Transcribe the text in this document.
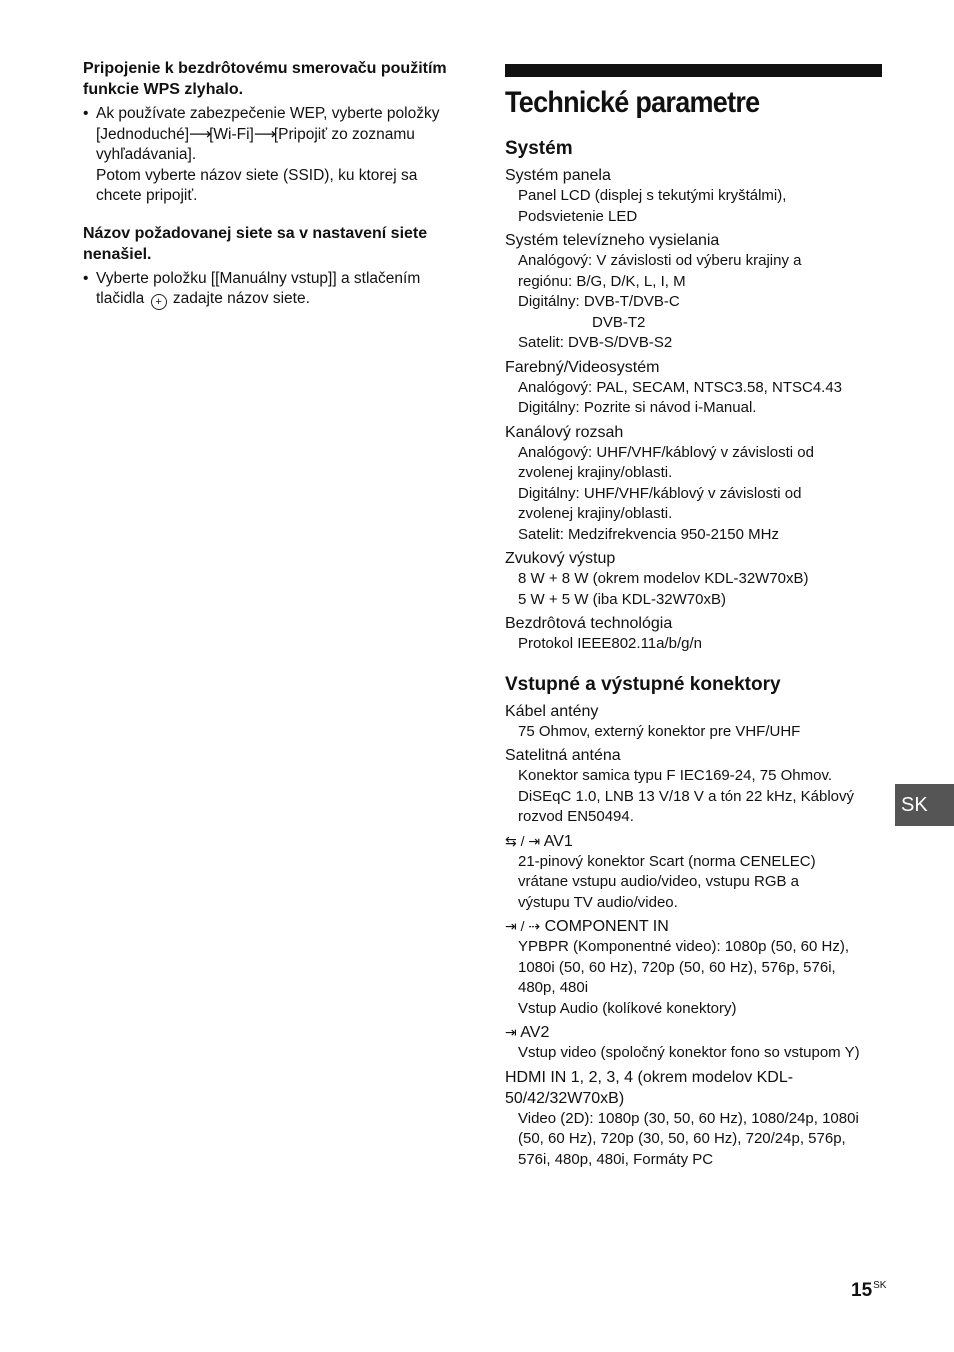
Pripojenie k bezdrôtovému smerovaču použitím funkcie WPS zlyhalo.
• Ak používate zabezpečenie WEP, vyberte položky
[Jednoduché]⟶[Wi-Fi]⟶[Pripojiť zo zoznamu
vyhľadávania].
Potom vyberte názov siete (SSID), ku ktorej sa
chcete pripojiť.
Názov požadovanej siete sa v nastavení siete nenašiel.
• Vyberte položku [[Manuálny vstup]] a stlačením
tlačidla + zadajte názov siete.
Technické parametre
Systém
Systém panela
Panel LCD (displej s tekutými kryštálmi),
Podsvietenie LED
Systém televízneho vysielania
Analógový: V závislosti od výberu krajiny a
regiónu: B/G, D/K, L, I, M
Digitálny: DVB-T/DVB-C
DVB-T2
Satelit: DVB-S/DVB-S2
Farebný/Videosystém
Analógový: PAL, SECAM, NTSC3.58, NTSC4.43
Digitálny: Pozrite si návod i-Manual.
Kanálový rozsah
Analógový: UHF/VHF/káblový v závislosti od
zvolenej krajiny/oblasti.
Digitálny: UHF/VHF/káblový v závislosti od
zvolenej krajiny/oblasti.
Satelit: Medzifrekvencia 950-2150 MHz
Zvukový výstup
8 W + 8 W (okrem modelov KDL-32W70xB)
5 W + 5 W (iba KDL-32W70xB)
Bezdrôtová technológia
Protokol IEEE802.11a/b/g/n
Vstupné a výstupné konektory
Kábel antény
75 Ohmov, externý konektor pre VHF/UHF
Satelitná anténa
Konektor samica typu F IEC169-24, 75 Ohmov.
DiSEqC 1.0, LNB 13 V/18 V a tón 22 kHz, Káblový
rozvod EN50494.
⇆ / ⇥ AV1
21-pinový konektor Scart (norma CENELEC)
vrátane vstupu audio/video, vstupu RGB a
výstupu TV audio/video.
⇥ / ⇢ COMPONENT IN
YPBPR (Komponentné video): 1080p (50, 60 Hz),
1080i (50, 60 Hz), 720p (50, 60 Hz), 576p, 576i,
480p, 480i
Vstup Audio (kolíkové konektory)
⇥ AV2
Vstup video (spoločný konektor fono so vstupom Y)
HDMI IN 1, 2, 3, 4 (okrem modelov KDL-50/42/32W70xB)
Video (2D): 1080p (30, 50, 60 Hz), 1080/24p, 1080i
(50, 60 Hz), 720p (30, 50, 60 Hz), 720/24p, 576p,
576i, 480p, 480i, Formáty PC
SK
$15^{SK}$
